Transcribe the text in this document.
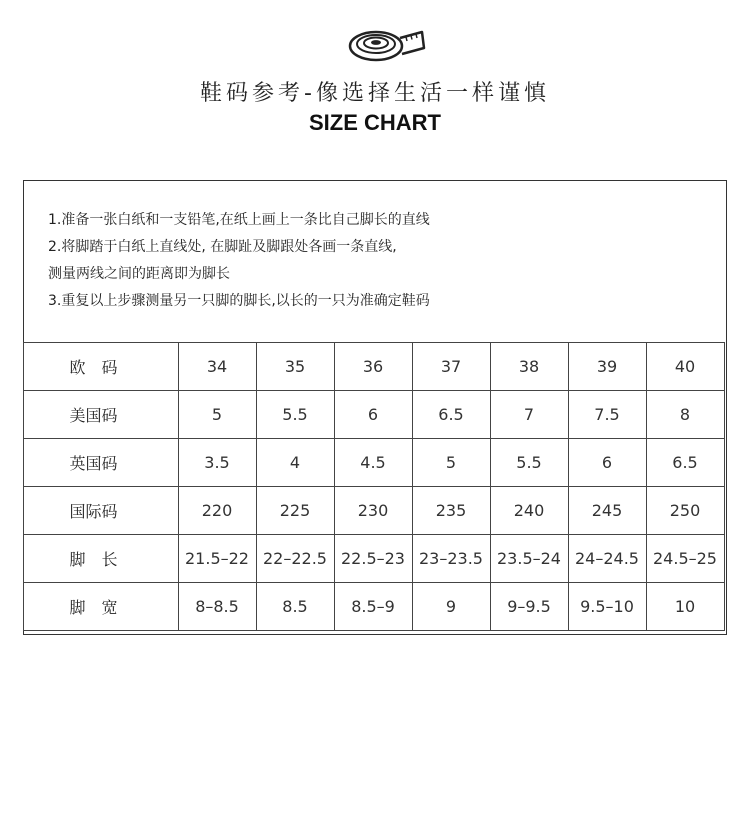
鞋码参考-像选择生活一样谨慎
SIZE CHART
1.准备一张白纸和一支铅笔,在纸上画上一条比自己脚长的直线
2.将脚踏于白纸上直线处, 在脚趾及脚跟处各画一条直线,
测量两线之间的距离即为脚长
3.重复以上步骤测量另一只脚的脚长,以长的一只为准确定鞋码
欧　码	34	35	36	37	38	39	40
美国码	5	5.5	6	6.5	7	7.5	8
英国码	3.5	4	4.5	5	5.5	6	6.5
国际码	220	225	230	235	240	245	250
脚　长	21.5–22	22–22.5	22.5–23	23–23.5	23.5–24	24–24.5	24.5–25
脚　宽	8–8.5	8.5	8.5–9	9	9–9.5	9.5–10	10
